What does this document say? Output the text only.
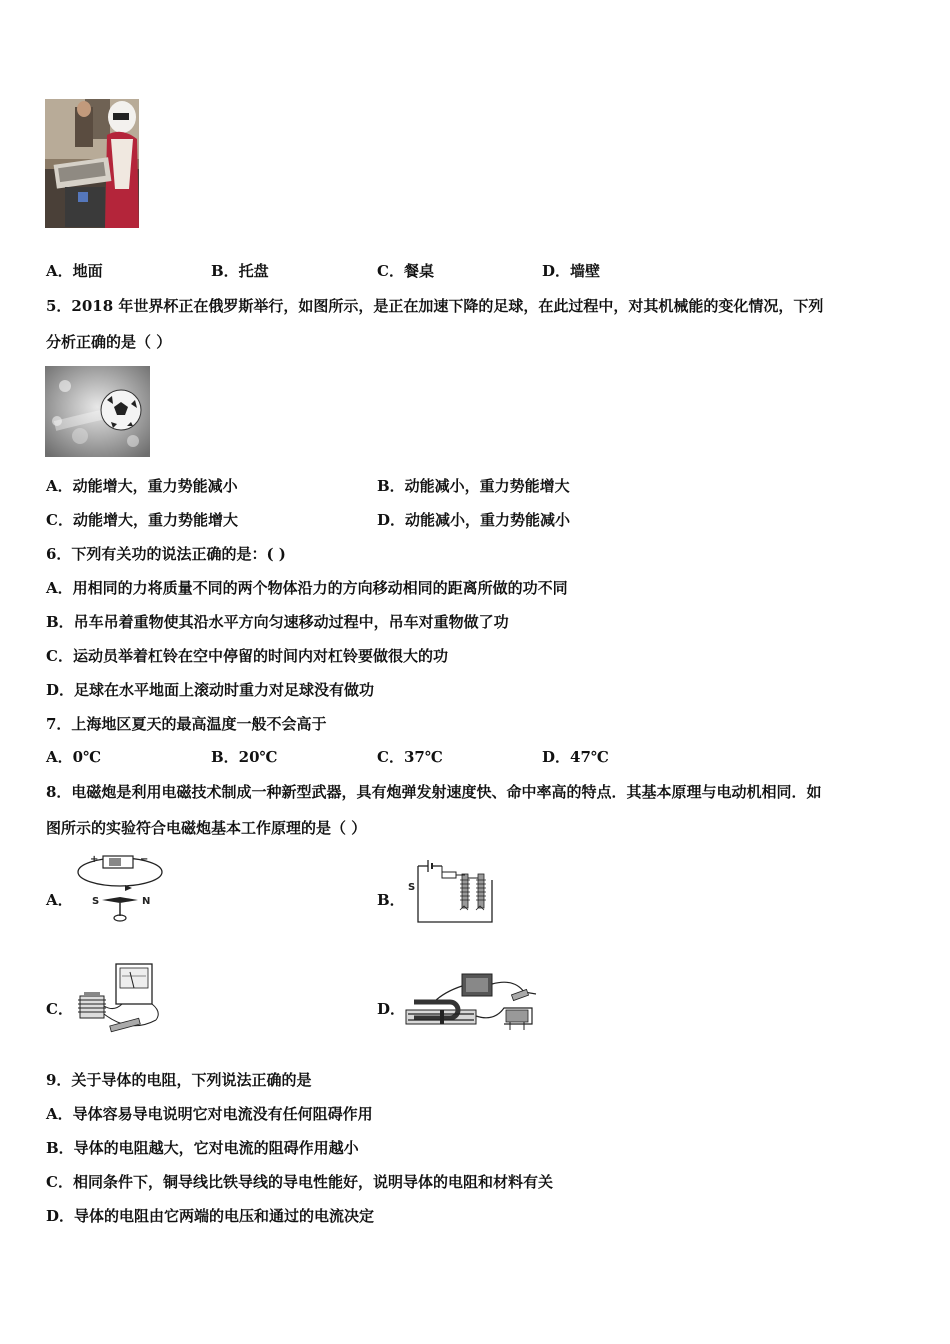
A．地面	B．托盘	C．餐桌	D．墙壁
5．2018 年世界杯正在俄罗斯举行，如图所示，是正在加速下降的足球，在此过程中，对其机械能的变化情况，下列
分析正确的是（ ）
A．动能增大，重力势能减小	B．动能减小，重力势能增大
C．动能增大，重力势能增大	D．动能减小，重力势能减小
6．下列有关功的说法正确的是：( )
A．用相同的力将质量不同的两个物体沿力的方向移动相同的距离所做的功不同
B．吊车吊着重物使其沿水平方向匀速移动过程中，吊车对重物做了功
C．运动员举着杠铃在空中停留的时间内对杠铃要做很大的功
D．足球在水平地面上滚动时重力对足球没有做功
7．上海地区夏天的最高温度一般不会高于
A．0℃	B．20℃	C．37℃	D．47℃
8．电磁炮是利用电磁技术制成一种新型武器，具有炮弹发射速度快、命中率高的特点．其基本原理与电动机相同．如
图所示的实验符合电磁炮基本工作原理的是（ ）
A．
+	−
S	N	B．
S
C．	D．
9．关于导体的电阻，下列说法正确的是
A．导体容易导电说明它对电流没有任何阻碍作用
B．导体的电阻越大，它对电流的阻碍作用越小
C．相同条件下，铜导线比铁导线的导电性能好，说明导体的电阻和材料有关
D．导体的电阻由它两端的电压和通过的电流决定
